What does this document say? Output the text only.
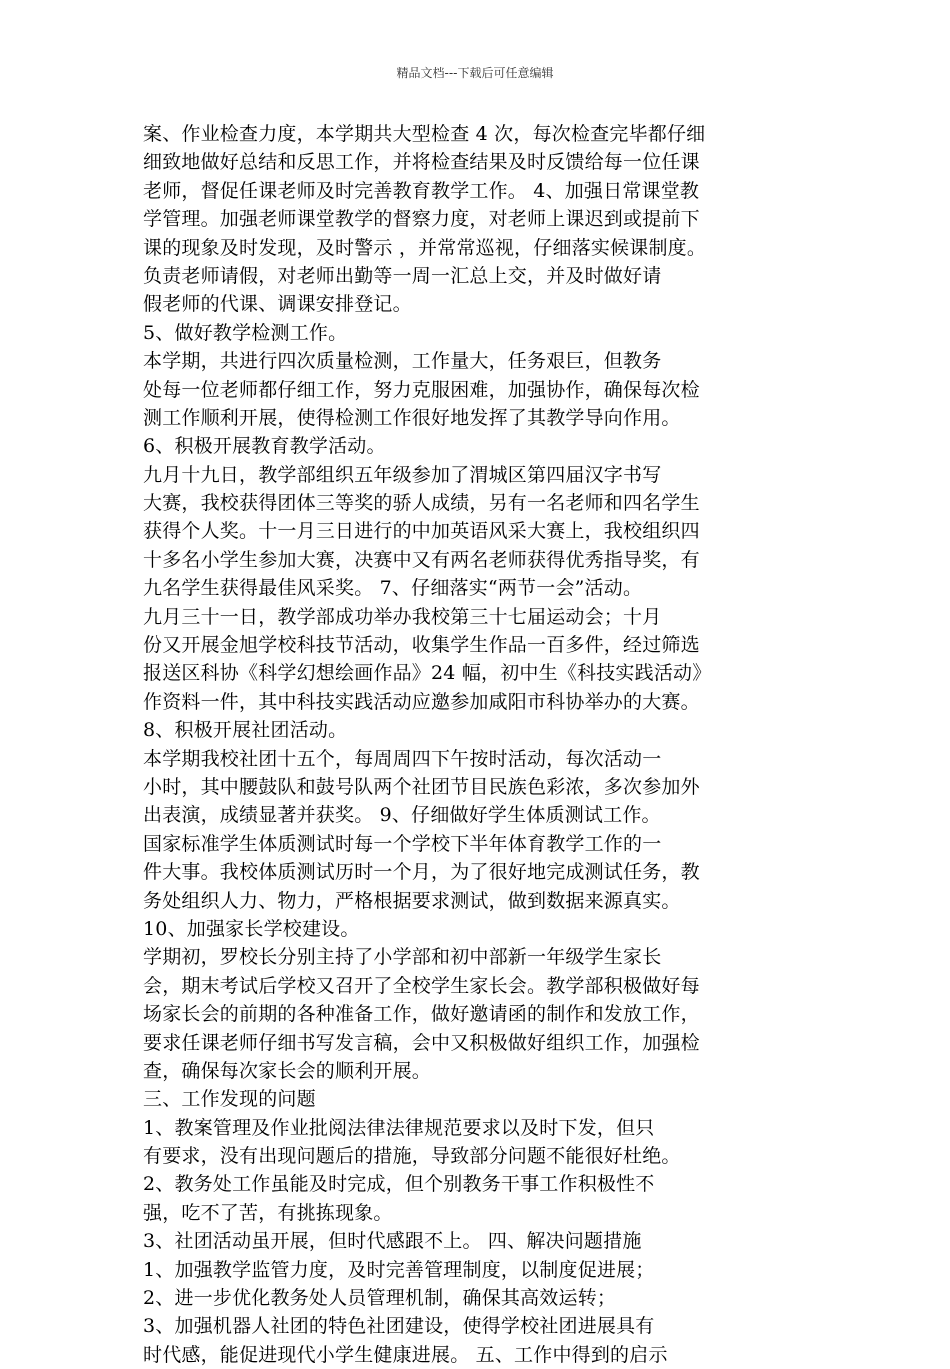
精品文档---下载后可任意编辑
案、作业检查力度，本学期共大型检查 4 次，每次检查完毕都仔细
细致地做好总结和反思工作，并将检查结果及时反馈给每一位任课
老师，督促任课老师及时完善教育教学工作。 4、加强日常课堂教
学管理。加强老师课堂教学的督察力度，对老师上课迟到或提前下
课的现象及时发现，及时警示 ，并常常巡视，仔细落实候课制度。
负责老师请假，对老师出勤等一周一汇总上交，并及时做好请
假老师的代课、调课安排登记。
5、做好教学检测工作。
本学期，共进行四次质量检测，工作量大，任务艰巨，但教务
处每一位老师都仔细工作，努力克服困难，加强协作，确保每次检
测工作顺利开展，使得检测工作很好地发挥了其教学导向作用。
6、积极开展教育教学活动。
九月十九日，教学部组织五年级参加了渭城区第四届汉字书写
大赛，我校获得团体三等奖的骄人成绩，另有一名老师和四名学生
获得个人奖。十一月三日进行的中加英语风采大赛上，我校组织四
十多名小学生参加大赛，决赛中又有两名老师获得优秀指导奖，有
九名学生获得最佳风采奖。 7、仔细落实“两节一会”活动。
九月三十一日，教学部成功举办我校第三十七届运动会；十月
份又开展金旭学校科技节活动，收集学生作品一百多件，经过筛选
报送区科协《科学幻想绘画作品》24 幅，初中生《科技实践活动》
作资料一件，其中科技实践活动应邀参加咸阳市科协举办的大赛。
8、积极开展社团活动。
本学期我校社团十五个，每周周四下午按时活动，每次活动一
小时，其中腰鼓队和鼓号队两个社团节目民族色彩浓，多次参加外
出表演，成绩显著并获奖。 9、仔细做好学生体质测试工作。
国家标准学生体质测试时每一个学校下半年体育教学工作的一
件大事。我校体质测试历时一个月，为了很好地完成测试任务，教
务处组织人力、物力，严格根据要求测试，做到数据来源真实。
10、加强家长学校建设。
学期初，罗校长分别主持了小学部和初中部新一年级学生家长
会，期末考试后学校又召开了全校学生家长会。教学部积极做好每
场家长会的前期的各种准备工作，做好邀请函的制作和发放工作，
要求任课老师仔细书写发言稿，会中又积极做好组织工作，加强检
查，确保每次家长会的顺利开展。
三、工作发现的问题
1、教案管理及作业批阅法律法律规范要求以及时下发，但只
有要求，没有出现问题后的措施，导致部分问题不能很好杜绝。
2、教务处工作虽能及时完成，但个别教务干事工作积极性不
强，吃不了苦，有挑拣现象。
3、社团活动虽开展，但时代感跟不上。 四、解决问题措施
1、加强教学监管力度，及时完善管理制度，以制度促进展；
2、进一步优化教务处人员管理机制，确保其高效运转；
3、加强机器人社团的特色社团建设，使得学校社团进展具有
时代感，能促进现代小学生健康进展。 五、工作中得到的启示
